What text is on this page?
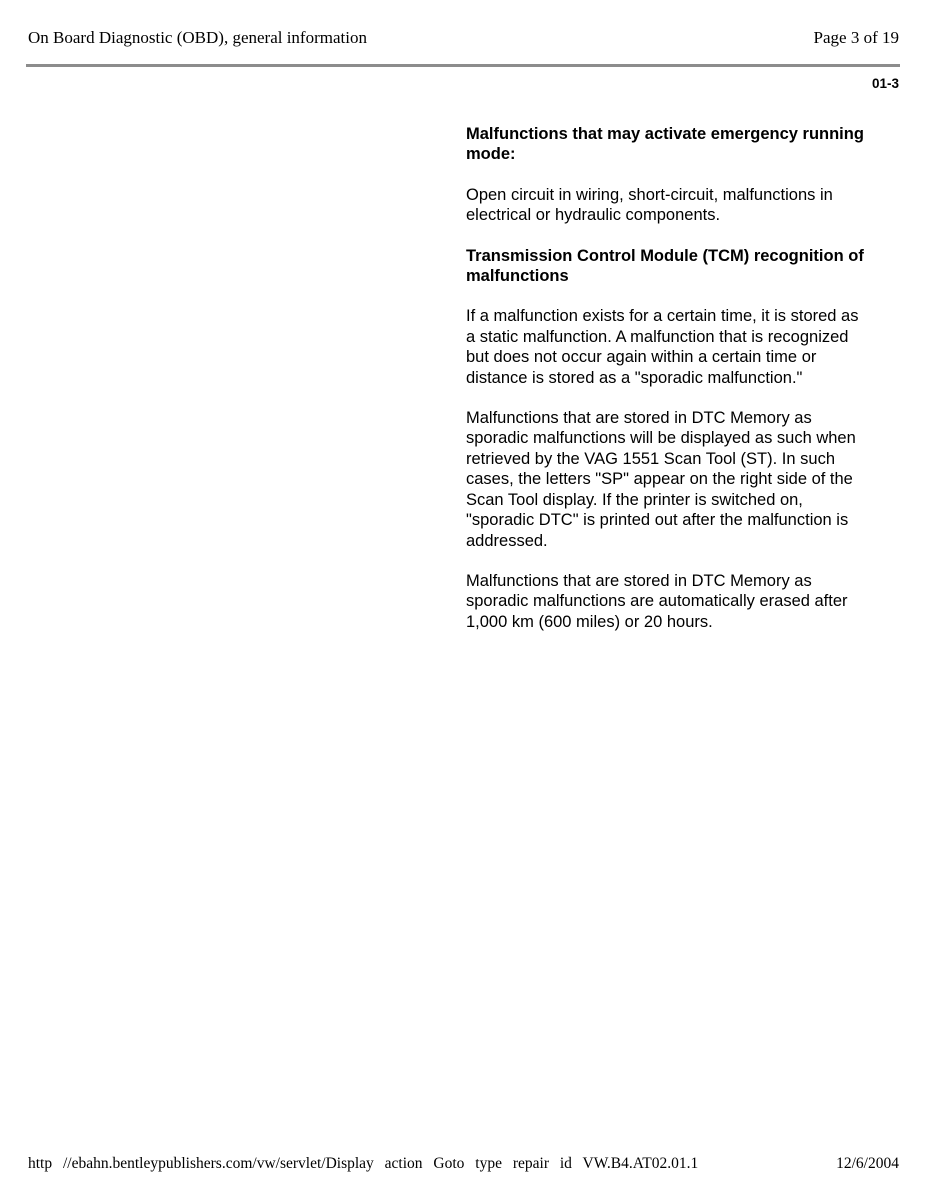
On Board Diagnostic (OBD), general information	Page 3 of 19
01-3
Malfunctions that may activate emergency running mode:

Open circuit in wiring, short-circuit, malfunctions in electrical or hydraulic components.

Transmission Control Module (TCM) recognition of malfunctions

If a malfunction exists for a certain time, it is stored as a static malfunction. A malfunction that is recognized but does not occur again within a certain time or distance is stored as a "sporadic malfunction."

Malfunctions that are stored in DTC Memory as sporadic malfunctions will be displayed as such when retrieved by the VAG 1551 Scan Tool (ST). In such cases, the letters "SP" appear on the right side of the Scan Tool display. If the printer is switched on, "sporadic DTC" is printed out after the malfunction is addressed.

Malfunctions that are stored in DTC Memory as sporadic malfunctions are automatically erased after 1,000 km (600 miles) or 20 hours.

http //ebahn.bentleypublishers.com/vw/servlet/Display action Goto type repair id VW.B4.AT02.01.1	12/6/2004
